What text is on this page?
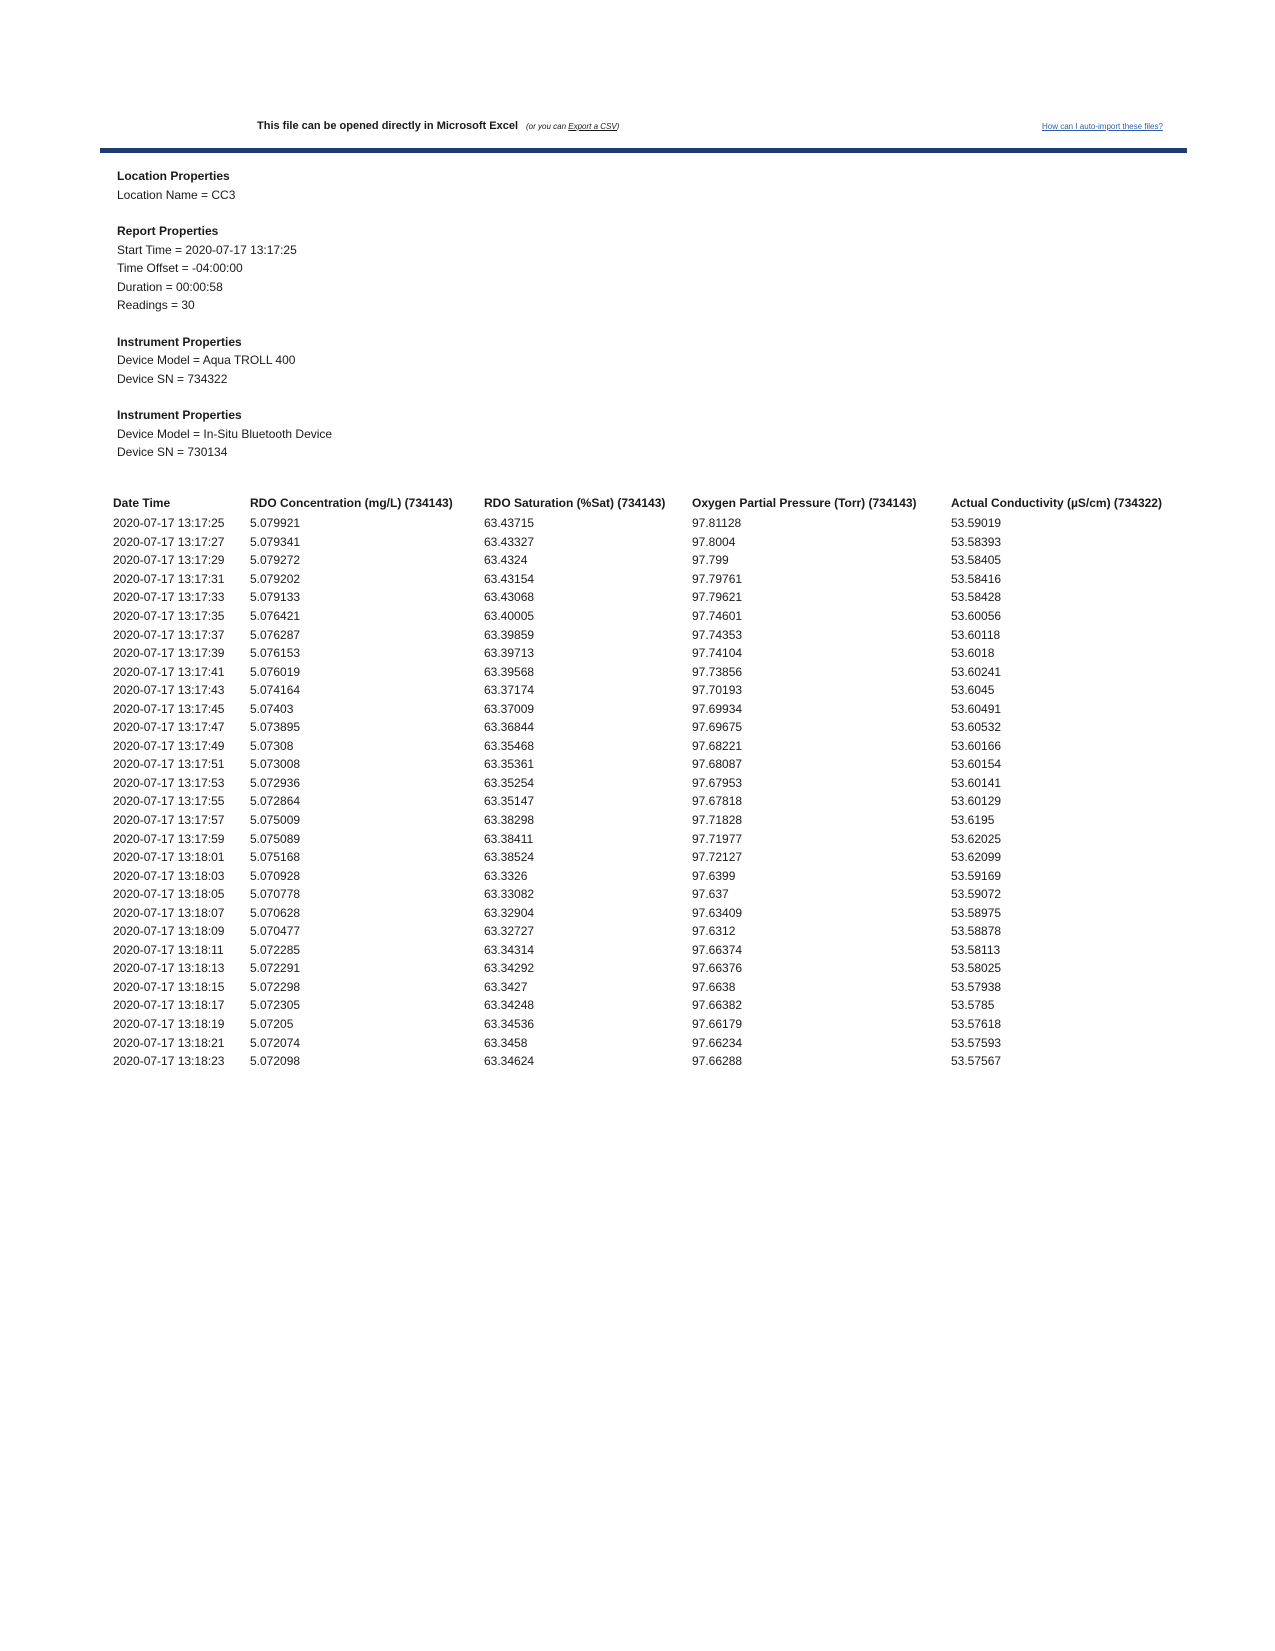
This file can be opened directly in Microsoft Excel (or you can Export a CSV)	How can I auto-import these files?
Location Properties
Location Name = CC3
Report Properties
Start Time = 2020-07-17 13:17:25
Time Offset = -04:00:00
Duration = 00:00:58
Readings = 30
Instrument Properties
Device Model = Aqua TROLL 400
Device SN = 734322
Instrument Properties
Device Model = In-Situ Bluetooth Device
Device SN = 730134
Date Time	RDO Concentration (mg/L) (734143)	RDO Saturation (%Sat) (734143)	Oxygen Partial Pressure (Torr) (734143)	Actual Conductivity (µS/cm) (734322)
2020-07-17 13:17:25	5.079921	63.43715	97.81128	53.59019
2020-07-17 13:17:27	5.079341	63.43327	97.8004	53.58393
2020-07-17 13:17:29	5.079272	63.4324	97.799	53.58405
2020-07-17 13:17:31	5.079202	63.43154	97.79761	53.58416
2020-07-17 13:17:33	5.079133	63.43068	97.79621	53.58428
2020-07-17 13:17:35	5.076421	63.40005	97.74601	53.60056
2020-07-17 13:17:37	5.076287	63.39859	97.74353	53.60118
2020-07-17 13:17:39	5.076153	63.39713	97.74104	53.6018
2020-07-17 13:17:41	5.076019	63.39568	97.73856	53.60241
2020-07-17 13:17:43	5.074164	63.37174	97.70193	53.6045
2020-07-17 13:17:45	5.07403	63.37009	97.69934	53.60491
2020-07-17 13:17:47	5.073895	63.36844	97.69675	53.60532
2020-07-17 13:17:49	5.07308	63.35468	97.68221	53.60166
2020-07-17 13:17:51	5.073008	63.35361	97.68087	53.60154
2020-07-17 13:17:53	5.072936	63.35254	97.67953	53.60141
2020-07-17 13:17:55	5.072864	63.35147	97.67818	53.60129
2020-07-17 13:17:57	5.075009	63.38298	97.71828	53.6195
2020-07-17 13:17:59	5.075089	63.38411	97.71977	53.62025
2020-07-17 13:18:01	5.075168	63.38524	97.72127	53.62099
2020-07-17 13:18:03	5.070928	63.3326	97.6399	53.59169
2020-07-17 13:18:05	5.070778	63.33082	97.637	53.59072
2020-07-17 13:18:07	5.070628	63.32904	97.63409	53.58975
2020-07-17 13:18:09	5.070477	63.32727	97.6312	53.58878
2020-07-17 13:18:11	5.072285	63.34314	97.66374	53.58113
2020-07-17 13:18:13	5.072291	63.34292	97.66376	53.58025
2020-07-17 13:18:15	5.072298	63.3427	97.6638	53.57938
2020-07-17 13:18:17	5.072305	63.34248	97.66382	53.5785
2020-07-17 13:18:19	5.07205	63.34536	97.66179	53.57618
2020-07-17 13:18:21	5.072074	63.3458	97.66234	53.57593
2020-07-17 13:18:23	5.072098	63.34624	97.66288	53.57567
